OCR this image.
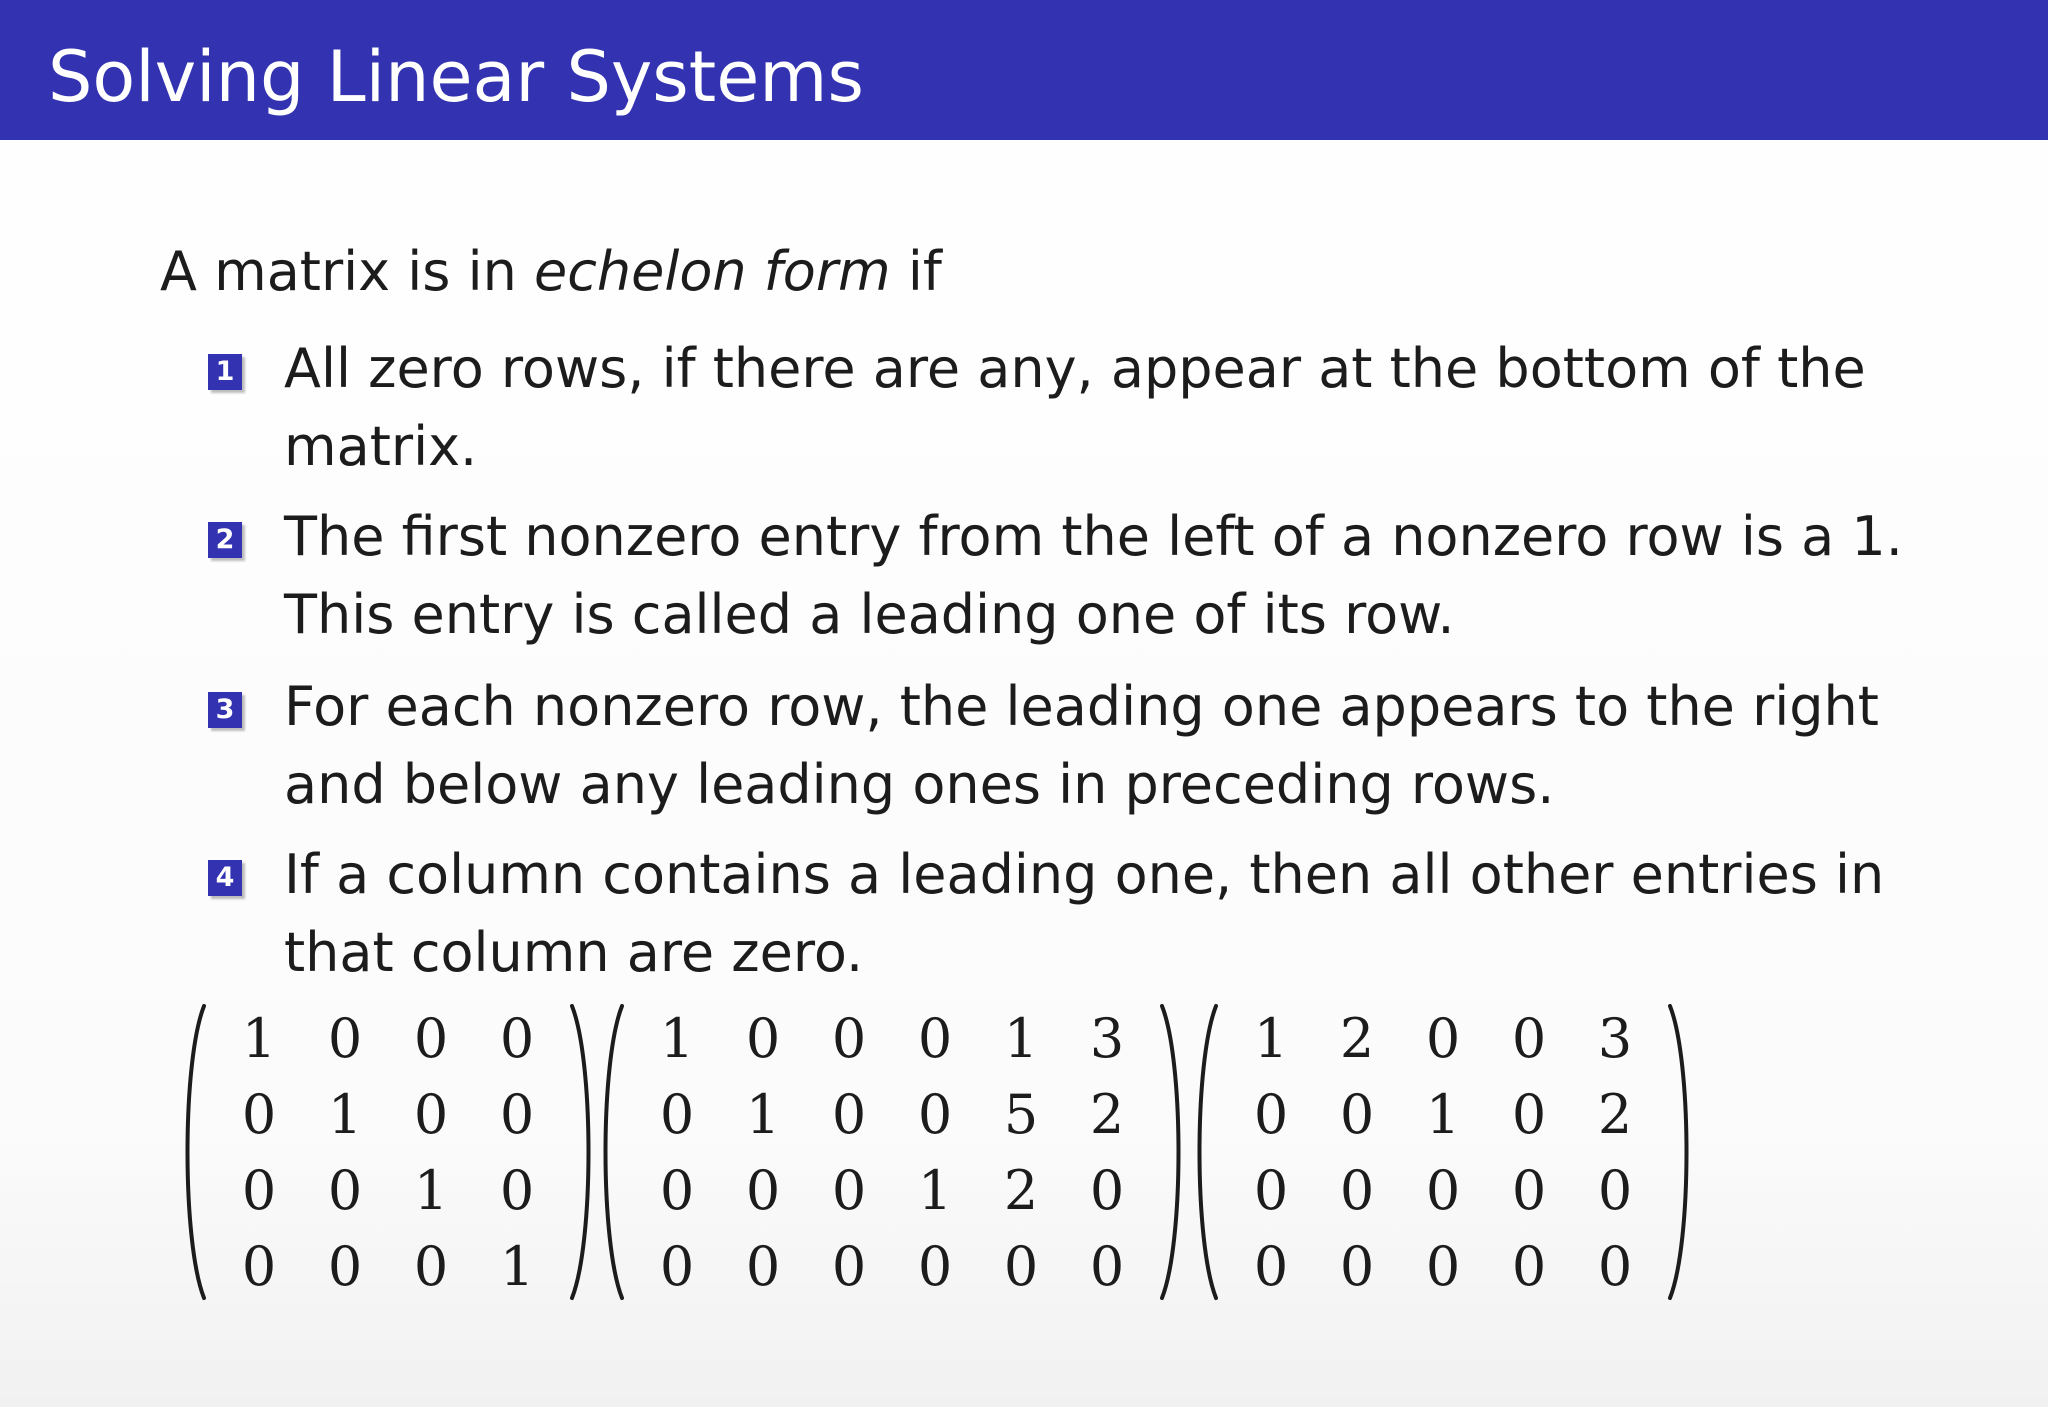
Solving Linear Systems
A matrix is in echelon form if
1 All zero rows, if there are any, appear at the bottom of the
matrix.
2 The first nonzero entry from the left of a nonzero row is a 1.
This entry is called a leading one of its row.
3 For each nonzero row, the leading one appears to the right
and below any leading ones in preceding rows.
4 If a column contains a leading one, then all other entries in
that column are zero.
1 0 0 0
0 1 0 0
0 0 1 0
0 0 0 1
1 0 0 0 1 3
0 1 0 0 5 2
0 0 0 1 2 0
0 0 0 0 0 0
1 2 0 0 3
0 0 1 0 2
0 0 0 0 0
0 0 0 0 0
